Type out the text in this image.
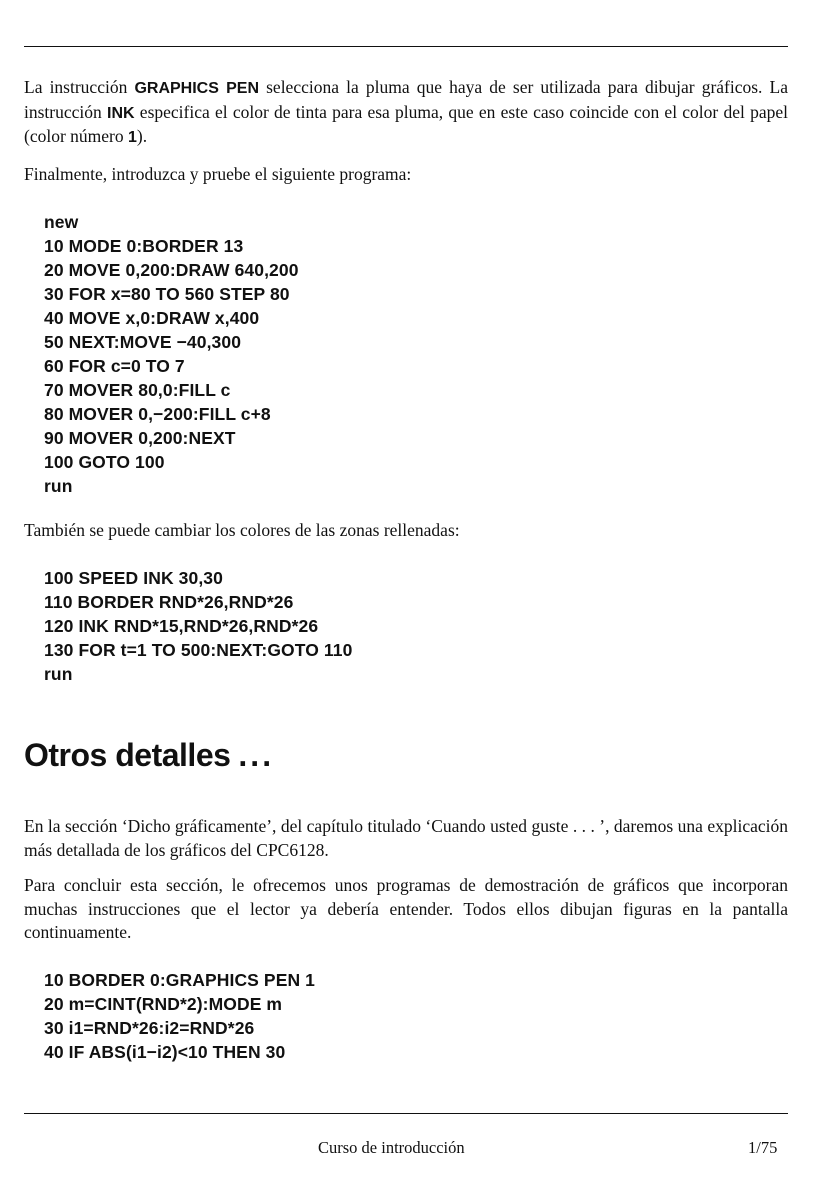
La instrucción GRAPHICS PEN selecciona la pluma que haya de ser utilizada para dibujar gráficos. La instrucción INK especifica el color de tinta para esa pluma, que en este caso coincide con el color del papel (color número 1).

Finalmente, introduzca y pruebe el siguiente programa:

new
10 MODE 0:BORDER 13
20 MOVE 0,200:DRAW 640,200
30 FOR x=80 TO 560 STEP 80
40 MOVE x,0:DRAW x,400
50 NEXT:MOVE −40,300
60 FOR c=0 TO 7
70 MOVER 80,0:FILL c
80 MOVER 0,−200:FILL c+8
90 MOVER 0,200:NEXT
100 GOTO 100
run

También se puede cambiar los colores de las zonas rellenadas:

100 SPEED INK 30,30
110 BORDER RND*26,RND*26
120 INK RND*15,RND*26,RND*26
130 FOR t=1 TO 500:NEXT:GOTO 110
run
Otros detalles ...

En la sección ‘Dicho gráficamente’, del capítulo titulado ‘Cuando usted guste . . . ’, daremos una explicación más detallada de los gráficos del CPC6128.

Para concluir esta sección, le ofrecemos unos programas de demostración de gráficos que incorporan muchas instrucciones que el lector ya debería entender. Todos ellos dibujan figuras en la pantalla continuamente.

10 BORDER 0:GRAPHICS PEN 1
20 m=CINT(RND*2):MODE m
30 i1=RND*26:i2=RND*26
40 IF ABS(i1−i2)<10 THEN 30
Curso de introducción	1/75
